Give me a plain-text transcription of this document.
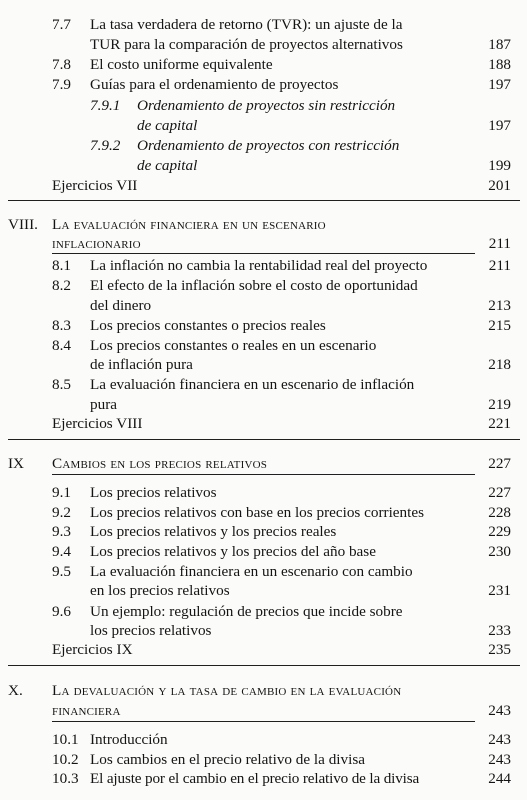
7.7 La tasa verdadera de retorno (TVR): un ajuste de la
TUR para la comparación de proyectos alternativos	187
7.8 El costo uniforme equivalente	188
7.9 Guías para el ordenamiento de proyectos	197
7.9.1 Ordenamiento de proyectos sin restricción
de capital	197
7.9.2 Ordenamiento de proyectos con restricción
de capital	199
Ejercicios VII	201
VIII. La evaluación financiera en un escenario
inflacionario	211
8.1 La inflación no cambia la rentabilidad real del proyecto	211
8.2 El efecto de la inflación sobre el costo de oportunidad
del dinero	213
8.3 Los precios constantes o precios reales	215
8.4 Los precios constantes o reales en un escenario
de inflación pura	218
8.5 La evaluación financiera en un escenario de inflación
pura	219
Ejercicios VIII	221
IX Cambios en los precios relativos	227
9.1 Los precios relativos	227
9.2 Los precios relativos con base en los precios corrientes	228
9.3 Los precios relativos y los precios reales	229
9.4 Los precios relativos y los precios del año base	230
9.5 La evaluación financiera en un escenario con cambio
en los precios relativos	231
9.6 Un ejemplo: regulación de precios que incide sobre
los precios relativos	233
Ejercicios IX	235
X. La devaluación y la tasa de cambio en la evaluación
financiera	243
10.1 Introducción	243
10.2 Los cambios en el precio relativo de la divisa	243
10.3 El ajuste por el cambio en el precio relativo de la divisa	244
